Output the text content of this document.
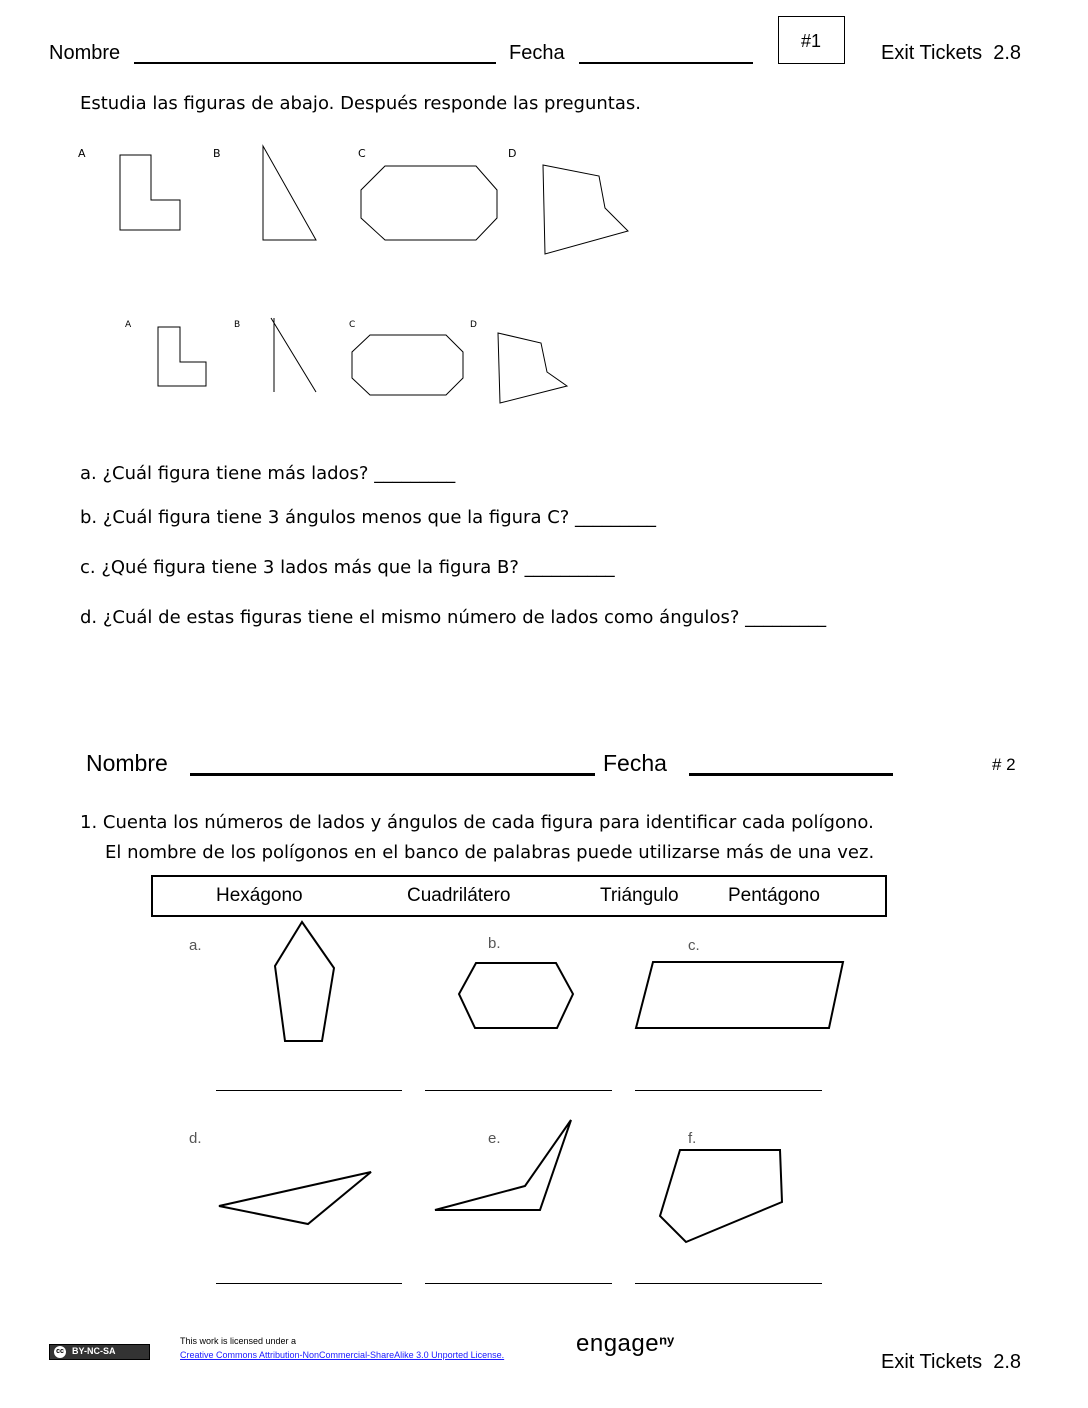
Nombre	Fecha
#1
Exit Tickets  2.8
Estudia las figuras de abajo. Después responde las preguntas.
A	B	C	D
A	B	C	D
a. ¿Cuál figura tiene más lados? _________
b. ¿Cuál figura tiene 3 ángulos menos que la figura C? _________
c. ¿Qué figura tiene 3 lados más que la figura B? __________
d. ¿Cuál de estas figuras tiene el mismo número de lados como ángulos? _________
Nombre	Fecha	# 2
1. Cuenta los números de lados y ángulos de cada figura para identificar cada polígono.
El nombre de los polígonos en el banco de palabras puede utilizarse más de una vez.
Hexágono	Cuadrilátero	Triángulo	Pentágono
a.	b.	c.
d.	e.	f.
cc BY-NC-SA
This work is licensed under a
Creative Commons Attribution-NonCommercial-ShareAlike 3.0 Unported License.	engage$^{ny}$
Exit Tickets  2.8
